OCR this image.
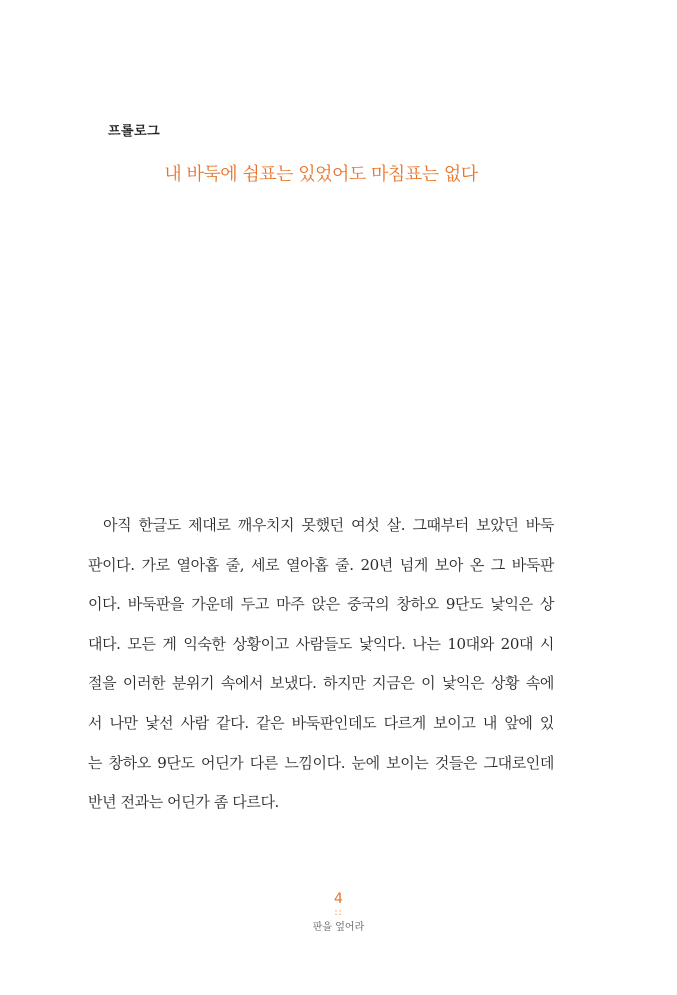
프롤로그
내 바둑에 쉼표는 있었어도 마침표는 없다
아직 한글도 제대로 깨우치지 못했던 여섯 살. 그때부터 보았던 바둑
판이다. 가로 열아홉 줄, 세로 열아홉 줄. 20년 넘게 보아 온 그 바둑판
이다. 바둑판을 가운데 두고 마주 앉은 중국의 창하오 9단도 낯익은 상
대다. 모든 게 익숙한 상황이고 사람들도 낯익다. 나는 10대와 20대 시
절을 이러한 분위기 속에서 보냈다. 하지만 지금은 이 낯익은 상황 속에
서 나만 낯선 사람 같다. 같은 바둑판인데도 다르게 보이고 내 앞에 있
는 창하오 9단도 어딘가 다른 느낌이다. 눈에 보이는 것들은 그대로인데
반년 전과는 어딘가 좀 다르다.
4
::
판을 엎어라
